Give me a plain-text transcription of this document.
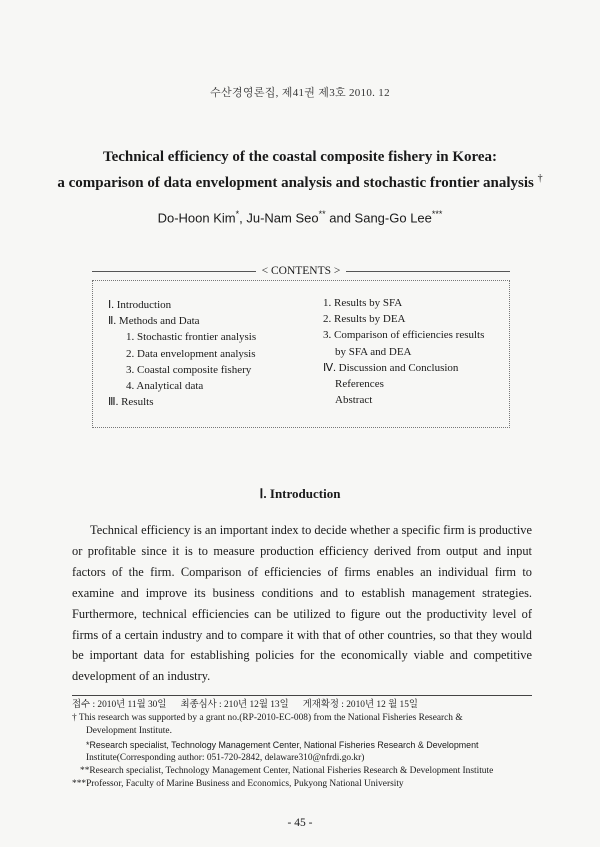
수산경영론집, 제41권 제3호 2010. 12
Technical efficiency of the coastal composite fishery in Korea:
a comparison of data envelopment analysis and stochastic frontier analysis †
Do-Hoon Kim*, Ju-Nam Seo** and Sang-Go Lee***
< CONTENTS >
Ⅰ. Introduction
Ⅱ. Methods and Data
1. Stochastic frontier analysis
2. Data envelopment analysis
3. Coastal composite fishery
4. Analytical data
Ⅲ. Results
1. Results by SFA
2. Results by DEA
3. Comparison of efficiencies results
by SFA and DEA
Ⅳ. Discussion and Conclusion
References
Abstract
Ⅰ. Introduction

Technical efficiency is an important index to decide whether a specific firm is productive or profitable since it is to measure production efficiency derived from output and input factors of the firm. Comparison of efficiencies of firms enables an individual firm to examine and improve its business conditions and to establish management strategies. Furthermore, technical efficiencies can be utilized to figure out the productivity level of firms of a certain industry and to compare it with that of other countries, so that they would be important data for establishing policies for the economically viable and competitive development of an industry.

접수 : 2010년 11월 30일      최종심사 : 210년 12월 13일      게재확정 : 2010년 12 월 15일
† This research was supported by a grant no.(RP-2010-EC-008) from the National Fisheries Research &
Development Institute.
*Research specialist, Technology Management Center, National Fisheries Research & Development
Institute(Corresponding author: 051-720-2842, delaware310@nfrdi.go.kr)
**Research specialist, Technology Management Center, National Fisheries Research & Development Institute
***Professor, Faculty of Marine Business and Economics, Pukyong National University
- 45 -
